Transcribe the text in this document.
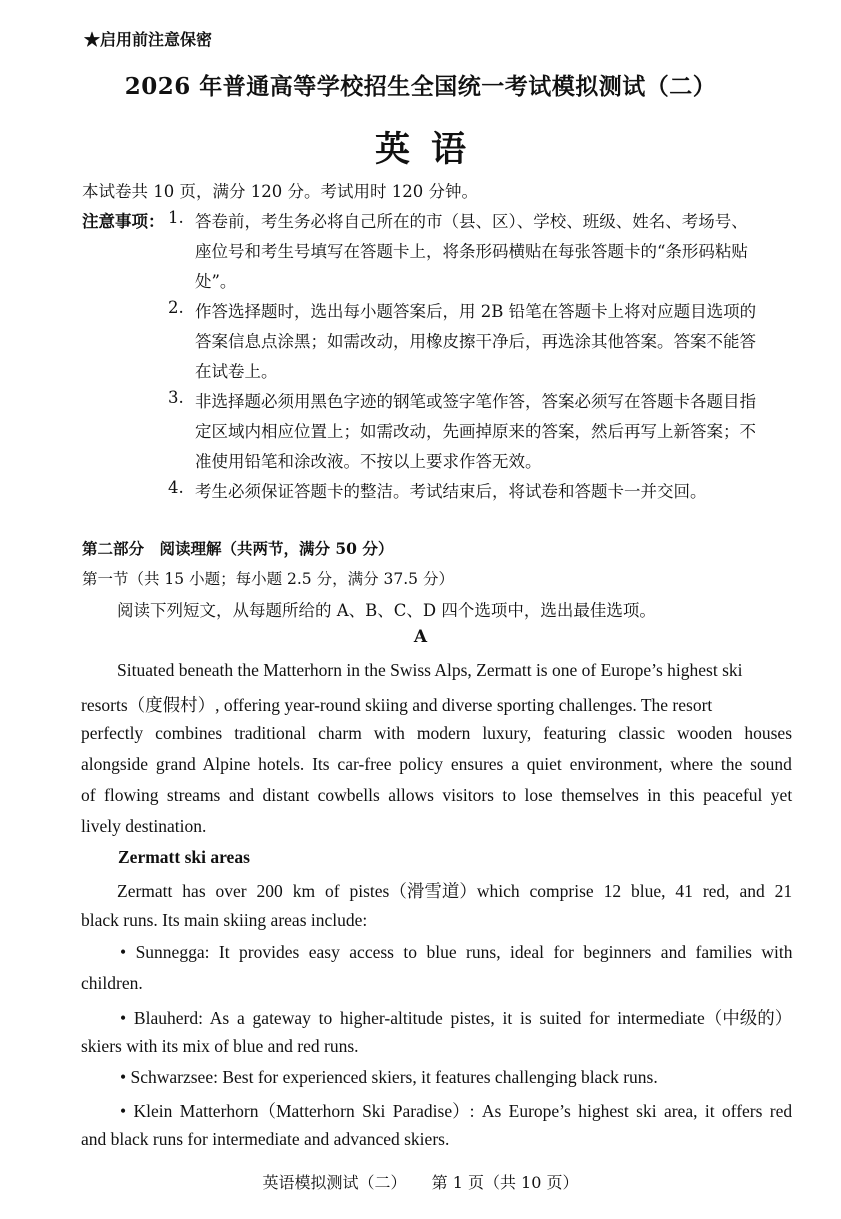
★启用前注意保密
2026 年普通高等学校招生全国统一考试模拟测试（二）
英语
本试卷共 10 页，满分 120 分。考试用时 120 分钟。
注意事项： 1. 答卷前，考生务必将自己所在的市（县、区）、学校、班级、姓名、考场号、
座位号和考生号填写在答题卡上，将条形码横贴在每张答题卡的“条形码粘贴
处”。
2. 作答选择题时，选出每小题答案后，用 2B 铅笔在答题卡上将对应题目选项的
答案信息点涂黑；如需改动，用橡皮擦干净后，再选涂其他答案。答案不能答
在试卷上。
3. 非选择题必须用黑色字迹的钢笔或签字笔作答，答案必须写在答题卡各题目指
定区域内相应位置上；如需改动，先画掉原来的答案，然后再写上新答案；不
准使用铅笔和涂改液。不按以上要求作答无效。
4. 考生必须保证答题卡的整洁。考试结束后，将试卷和答题卡一并交回。
第二部分　阅读理解（共两节，满分 50 分）
第一节（共 15 小题；每小题 2.5 分，满分 37.5 分）
阅读下列短文，从每题所给的 A、B、C、D 四个选项中，选出最佳选项。
A
Situated beneath the Matterhorn in the Swiss Alps, Zermatt is one of Europe’s highest ski
resorts（度假村）, offering year-round skiing and diverse sporting challenges. The resort
perfectly combines traditional charm with modern luxury, featuring classic wooden houses
alongside grand Alpine hotels. Its car-free policy ensures a quiet environment, where the sound
of flowing streams and distant cowbells allows visitors to lose themselves in this peaceful yet
lively destination.
Zermatt ski areas
Zermatt has over 200 km of pistes（滑雪道）which comprise 12 blue, 41 red, and 21
black runs. Its main skiing areas include:
• Sunnegga: It provides easy access to blue runs, ideal for beginners and families with
children.
• Blauherd: As a gateway to higher-altitude pistes, it is suited for intermediate（中级的）
skiers with its mix of blue and red runs.
• Schwarzsee: Best for experienced skiers, it features challenging black runs.
• Klein Matterhorn（Matterhorn Ski Paradise）: As Europe’s highest ski area, it offers red
and black runs for intermediate and advanced skiers.
英语模拟测试（二） 第 1 页（共 10 页）
